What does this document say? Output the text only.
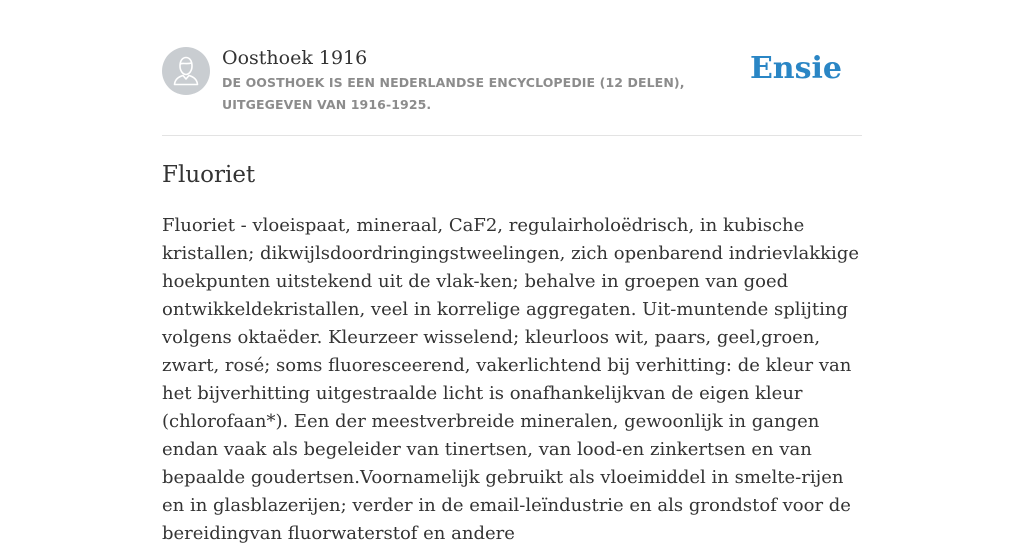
Oosthoek 1916
DE OOSTHOEK IS EEN NEDERLANDSE ENCYCLOPEDIE (12 DELEN), UITGEGEVEN VAN 1916-1925.
Ensie
Fluoriet

Fluoriet - vloeispaat, mineraal, CaF2, regulairholoëdrisch, in kubische kristallen; dikwijlsdoordringingstweelingen, zich openbarend indrievlakkige hoekpunten uitstekend uit de vlak-ken; behalve in groepen van goed ontwikkeldekristallen, veel in korrelige aggregaten. Uit-muntende splijting volgens oktaëder. Kleurzeer wisselend; kleurloos wit, paars, geel,groen, zwart, rosé; soms fluoresceerend, vakerlichtend bij verhitting: de kleur van het bijverhitting uitgestraalde licht is onafhankelijkvan de eigen kleur (chlorofaan*). Een der meestverbreide mineralen, gewoonlijk in gangen endan vaak als begeleider van tinertsen, van lood-en zinkertsen en van bepaalde goudertsen.Voornamelijk gebruikt als vloeimiddel in smelte-rijen en in glasblazerijen; verder in de email-leïndustrie en als grondstof voor de bereidingvan fluorwaterstof en andere
